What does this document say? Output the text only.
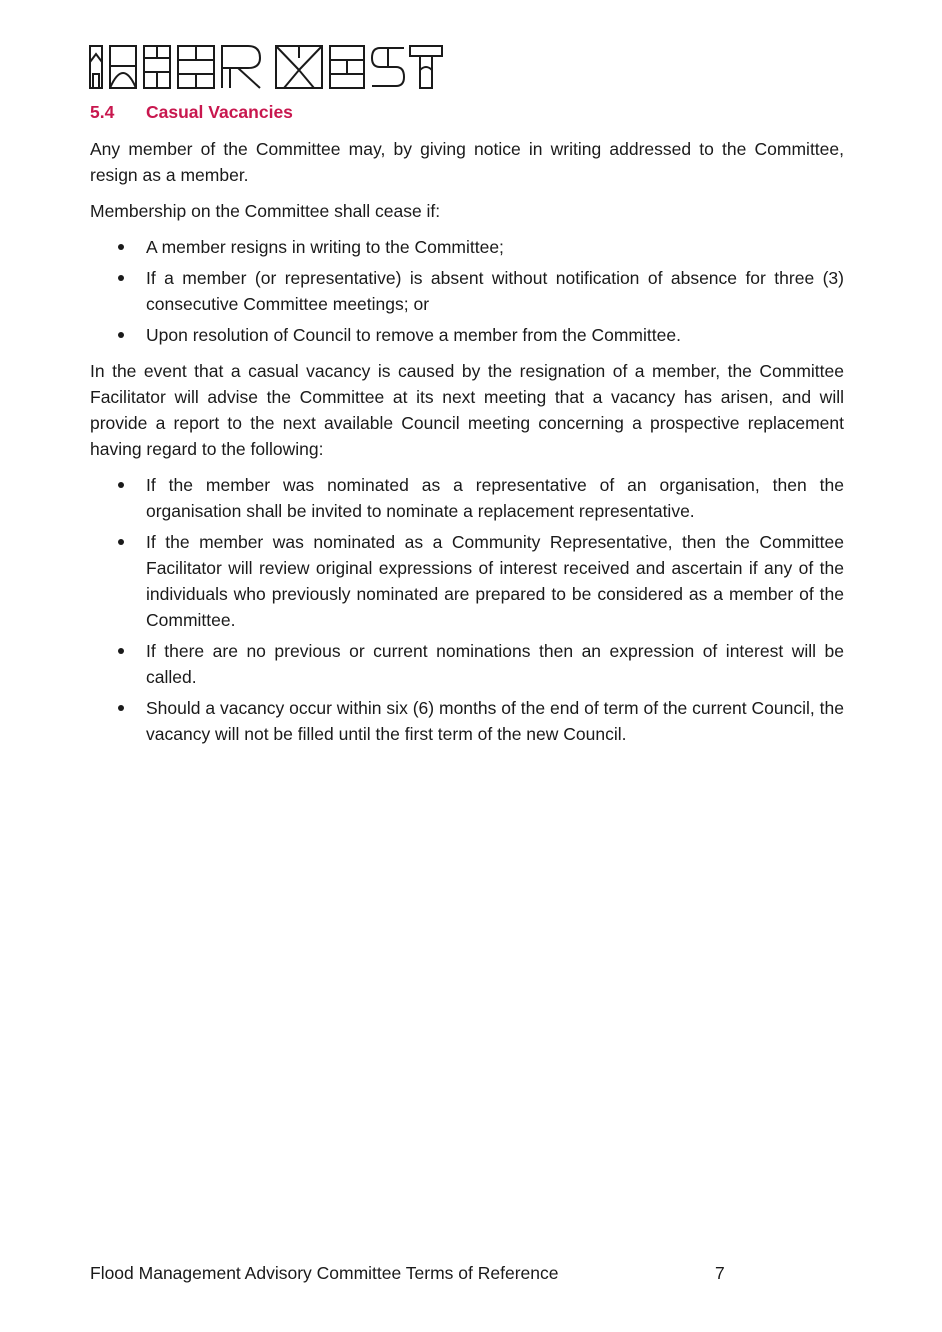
5.4	Casual Vacancies

Any member of the Committee may, by giving notice in writing addressed to the Committee, resign as a member.

Membership on the Committee shall cease if:

A member resigns in writing to the Committee;
If a member (or representative) is absent without notification of absence for three (3) consecutive Committee meetings; or
Upon resolution of Council to remove a member from the Committee.

In the event that a casual vacancy is caused by the resignation of a member, the Committee Facilitator will advise the Committee at its next meeting that a vacancy has arisen, and will provide a report to the next available Council meeting concerning a prospective replacement having regard to the following:

If the member was nominated as a representative of an organisation, then the organisation shall be invited to nominate a replacement representative.
If the member was nominated as a Community Representative, then the Committee Facilitator will review original expressions of interest received and ascertain if any of the individuals who previously nominated are prepared to be considered as a member of the Committee.
If there are no previous or current nominations then an expression of interest will be called.
Should a vacancy occur within six (6) months of the end of term of the current Council, the vacancy will not be filled until the first term of the new Council.
Flood Management Advisory Committee Terms of Reference	7
